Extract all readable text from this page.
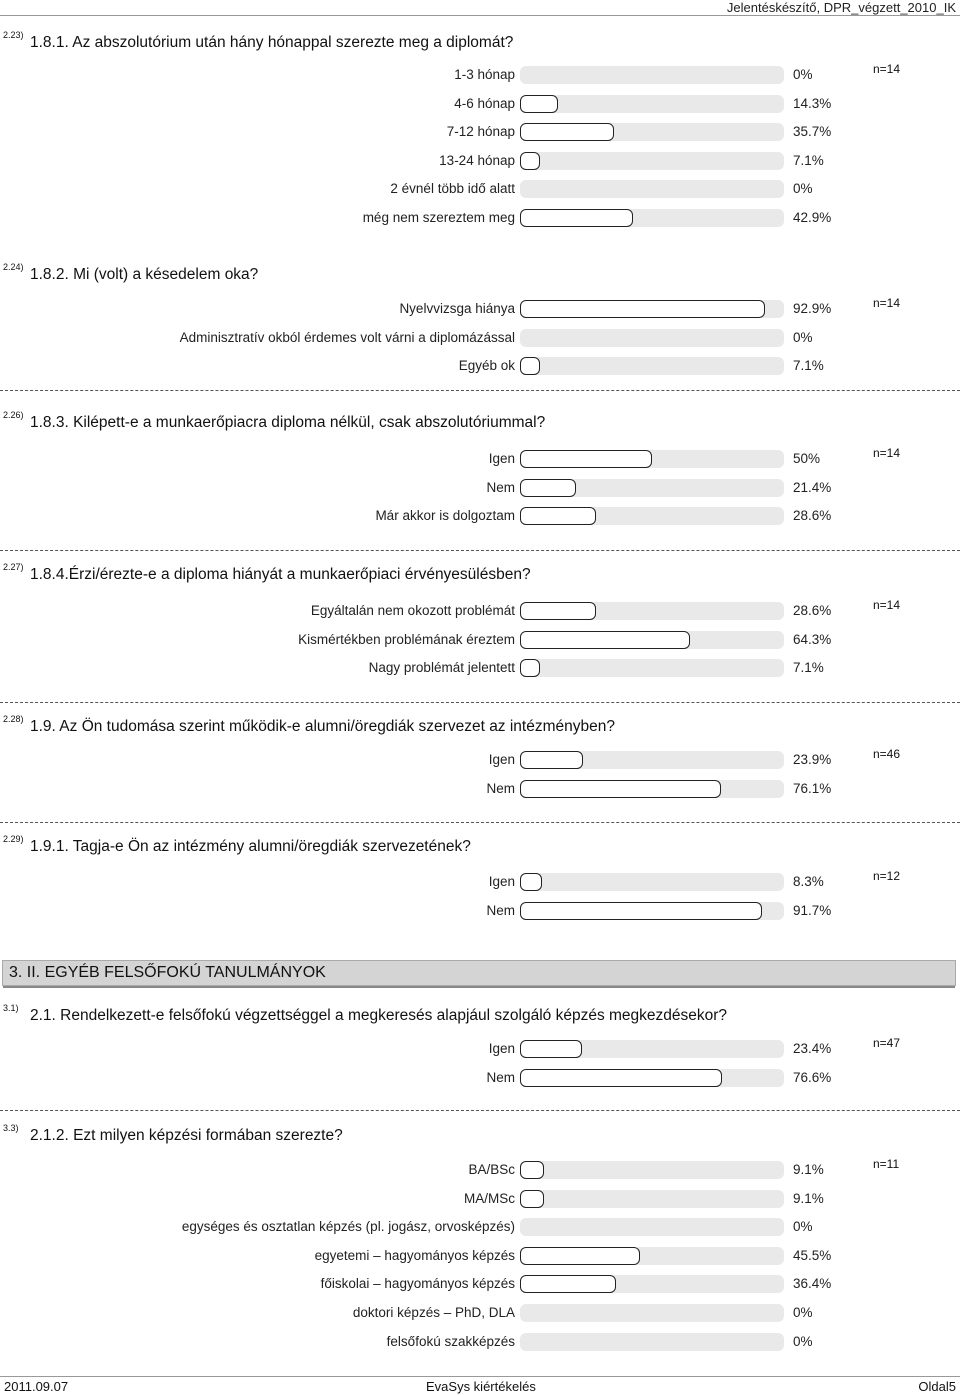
Jelentéskészítő, DPR_végzett_2010_IK
2.23) 1.8.1. Az abszolutórium után hány hónappal szerezte meg a diplomát?
n=14
1-3 hónap	0%
4-6 hónap	14.3%
7-12 hónap	35.7%
13-24 hónap	7.1%
2 évnél több idő alatt	0%
még nem szereztem meg	42.9%
2.24) 1.8.2. Mi (volt) a késedelem oka?
n=14
Nyelvvizsga hiánya	92.9%
Adminisztratív okból érdemes volt várni a diplomázással	0%
Egyéb ok	7.1%
2.26) 1.8.3. Kilépett-e a munkaerőpiacra diploma nélkül, csak abszolutóriummal?
n=14
Igen	50%
Nem	21.4%
Már akkor is dolgoztam	28.6%
2.27) 1.8.4.Érzi/érezte-e a diploma hiányát a munkaerőpiaci érvényesülésben?
n=14
Egyáltalán nem okozott problémát	28.6%
Kismértékben problémának éreztem	64.3%
Nagy problémát jelentett	7.1%
2.28) 1.9. Az Ön tudomása szerint működik-e alumni/öregdiák szervezet az intézményben?
n=46
Igen	23.9%
Nem	76.1%
2.29) 1.9.1. Tagja-e Ön az intézmény alumni/öregdiák szervezetének?
n=12
Igen	8.3%
Nem	91.7%
3.1) 2.1. Rendelkezett-e felsőfokú végzettséggel a megkeresés alapjául szolgáló képzés megkezdésekor?
n=47
Igen	23.4%
Nem	76.6%
3.3) 2.1.2. Ezt milyen képzési formában szerezte?
n=11
BA/BSc	9.1%
MA/MSc	9.1%
egységes és osztatlan képzés (pl. jogász, orvosképzés)	0%
egyetemi – hagyományos képzés	45.5%
főiskolai – hagyományos képzés	36.4%
doktori képzés – PhD, DLA	0%
felsőfokú szakképzés	0%
3. II. EGYÉB FELSŐFOKÚ TANULMÁNYOK
2011.09.07	EvaSys kiértékelés	Oldal5
